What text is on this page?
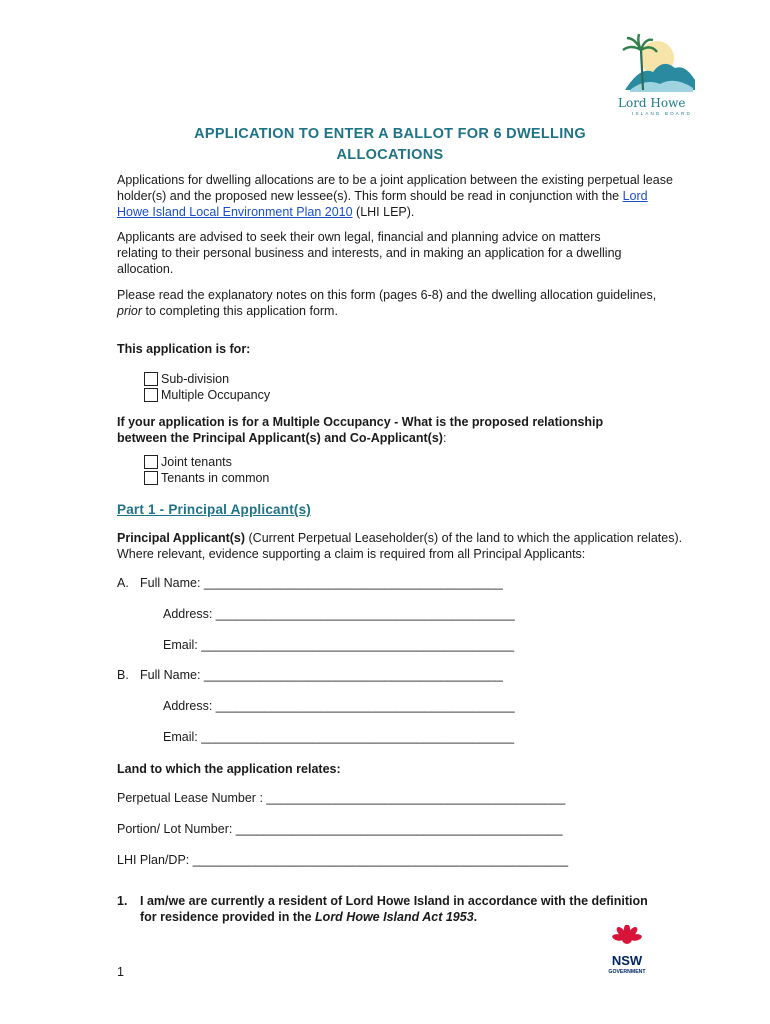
Lord Howe
ISLAND BOARD
APPLICATION TO ENTER A BALLOT FOR 6 DWELLING
ALLOCATIONS
Applications for dwelling allocations are to be a joint application between the existing perpetual lease holder(s) and the proposed new lessee(s). This form should be read in conjunction with the Lord Howe Island Local Environment Plan 2010 (LHI LEP).
Applicants are advised to seek their own legal, financial and planning advice on matters relating to their personal business and interests, and in making an application for a dwelling allocation.
Please read the explanatory notes on this form (pages 6-8) and the dwelling allocation guidelines, prior to completing this application form.
This application is for:
Sub-division
Multiple Occupancy
If your application is for a Multiple Occupancy - What is the proposed relationship between the Principal Applicant(s) and Co-Applicant(s):
Joint tenants
Tenants in common
Part 1 - Principal Applicant(s)
Principal Applicant(s) (Current Perpetual Leaseholder(s) of the land to which the application relates). Where relevant, evidence supporting a claim is required from all Principal Applicants:
A. Full Name: ___________________________________________
Address: ___________________________________________
Email: _____________________________________________
B. Full Name: ___________________________________________
Address: ___________________________________________
Email: _____________________________________________
Land to which the application relates:
Perpetual Lease Number : ___________________________________________
Portion/ Lot Number: _______________________________________________
LHI Plan/DP: ______________________________________________________
1.	I am/we are currently a resident of Lord Howe Island in accordance with the definition for residence provided in the Lord Howe Island Act 1953.
1
NSW
GOVERNMENT
